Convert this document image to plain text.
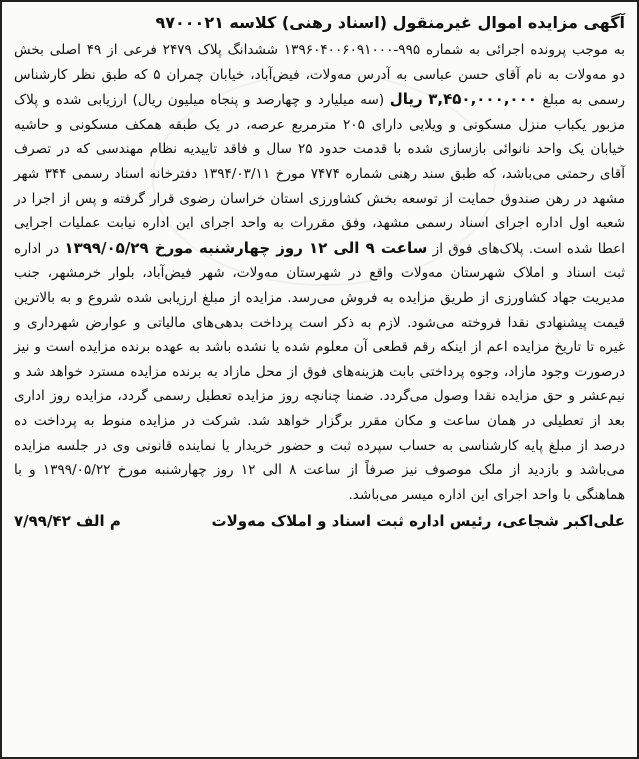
آگهی مزایده اموال غیرمنقول (اسناد رهنی) کلاسه ۹۷۰۰۰۲۱

به موجب پرونده اجرائی به شماره ۹۹۵-۱۳۹۶۰۴۰۰۶۰۹۱۰۰۰ ششدانگ پلاک ۲۴۷۹ فرعی از ۴۹ اصلی بخش دو مه‌ولات به نام آقای حسن عباسی به آدرس مه‌ولات، فیض‌آباد، خیابان چمران ۵ که طبق نظر کارشناس رسمی به مبلغ ۳,۴۵۰,۰۰۰,۰۰۰ ریال (سه میلیارد و چهارصد و پنجاه میلیون ریال) ارزیابی شده و پلاک مزبور یکباب منزل مسکونی و ویلایی دارای ۲۰۵ مترمربع عرصه، در یک طبقه همکف مسکونی و حاشیه خیابان یک واحد نانوائی بازسازی شده با قدمت حدود ۲۵ سال و فاقد تاییدیه نظام مهندسی که در تصرف آقای رحمتی می‌باشد، که طبق سند رهنی شماره ۷۴۷۴ مورخ ۱۳۹۴/۰۳/۱۱ دفترخانه اسناد رسمی ۳۴۴ شهر مشهد در رهن صندوق حمایت از توسعه بخش کشاورزی استان خراسان رضوی قرار گرفته و پس از اجرا در شعبه اول اداره اجرای اسناد رسمی مشهد، وفق مقررات به واحد اجرای این اداره نیابت عملیات اجرایی اعطا شده است. پلاک‌های فوق از ساعت ۹ الی ۱۲ روز چهارشنبه مورخ ۱۳۹۹/۰۵/۲۹ در اداره ثبت اسناد و املاک شهرستان مه‌ولات واقع در شهرستان مه‌ولات، شهر فیض‌آباد، بلوار خرمشهر، جنب مدیریت جهاد کشاورزی از طریق مزایده به فروش می‌رسد. مزایده از مبلغ ارزیابی شده شروع و به بالاترین قیمت پیشنهادی نقدا فروخته می‌شود. لازم به ذکر است پرداخت بدهی‌های مالیاتی و عوارض شهرداری و غیره تا تاریخ مزایده اعم از اینکه رقم قطعی آن معلوم شده یا نشده باشد به عهده برنده مزایده است و نیز درصورت وجود مازاد، وجوه پرداختی بابت هزینه‌های فوق از محل مازاد به برنده مزایده مسترد خواهد شد و نیم‌عشر و حق مزایده نقدا وصول می‌گردد. ضمنا چنانچه روز مزایده تعطیل رسمی گردد، مزایده روز اداری بعد از تعطیلی در همان ساعت و مکان مقرر برگزار خواهد شد. شرکت در مزایده منوط به پرداخت ده درصد از مبلغ پایه کارشناسی به حساب سپرده ثبت و حضور خریدار یا نماینده قانونی وی در جلسه مزایده می‌باشد و بازدید از ملک موصوف نیز صرفاً از ساعت ۸ الی ۱۲ روز چهارشنبه مورخ ۱۳۹۹/۰۵/۲۲ و با هماهنگی با واحد اجرای این اداره میسر می‌باشد.

علی‌اکبر شجاعی، رئیس اداره ثبت اسناد و املاک مه‌ولات
م الف ۷/۹۹/۴۲
